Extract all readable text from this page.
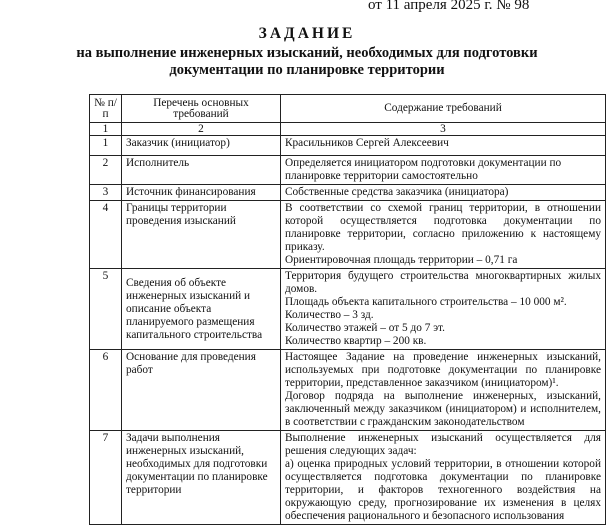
от 11 апреля 2025 г. № 98
ЗАДАНИЕ
на выполнение инженерных изысканий, необходимых для подготовки
документации по планировке территории
№ п/п	Перечень основных требований	Содержание требований
1	2	3
1	Заказчик (инициатор)	Красильников Сергей Алексеевич

2	Исполнитель	Определяется инициатором подготовки документации по планировке территории самостоятельно

3	Источник финансирования	Собственные средства заказчика (инициатора)

4	Границы территории проведения изысканий	В соответствии со схемой границ территории, в отношении которой осуществляется подготовка документации по планировке территории, согласно приложению к настоящему приказу.
Ориентировочная площадь территории – 0,71 га

5	Сведения об объекте инженерных изысканий и описание объекта планируемого размещения капитального строительства	Территория будущего строительства многоквартирных жилых домов.
Площадь объекта капитального строительства – 10 000 м².
Количество – 3 зд.
Количество этажей – от 5 до 7 эт.
Количество квартир – 200 кв.

6	Основание для проведения работ	Настоящее Задание на проведение инженерных изысканий, используемых при подготовке документации по планировке территории, представленное заказчиком (инициатором)¹.
Договор подряда на выполнение инженерных, изысканий, заключенный между заказчиком (инициатором) и исполнителем, в соответствии с гражданским законодательством

7	Задачи выполнения инженерных изысканий, необходимых для подготовки документации по планировке территории	Выполнение инженерных изысканий осуществляется для решения следующих задач:
а) оценка природных условий территории, в отношении которой осуществляется подготовка документации по планировке территории, и факторов техногенного воздействия на окружающую среду, прогнозирование их изменения в целях обеспечения рационального и безопасного использования
